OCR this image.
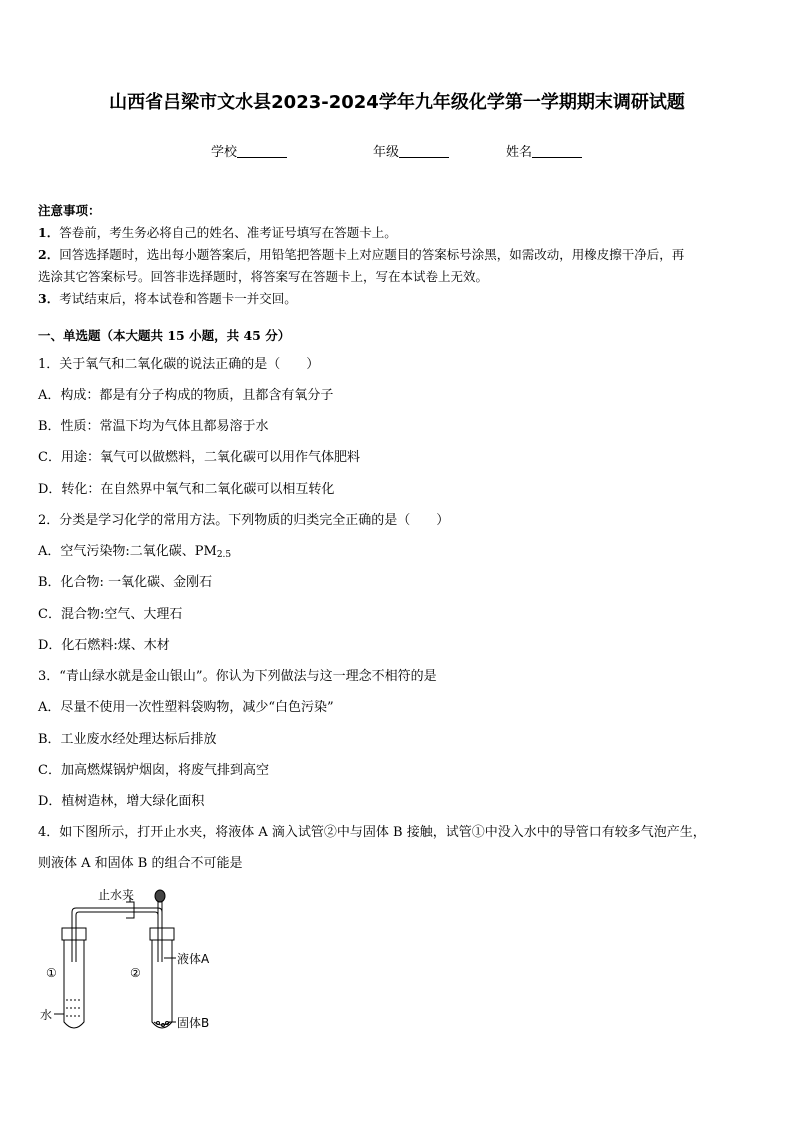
山西省吕梁市文水县2023-2024学年九年级化学第一学期期末调研试题
学校	年级	姓名
注意事项：
1．答卷前，考生务必将自己的姓名、准考证号填写在答题卡上。
2．回答选择题时，选出每小题答案后，用铅笔把答题卡上对应题目的答案标号涂黑，如需改动，用橡皮擦干净后，再
选涂其它答案标号。回答非选择题时，将答案写在答题卡上，写在本试卷上无效。
3．考试结束后，将本试卷和答题卡一并交回。
一、单选题（本大题共 15 小题，共 45 分）
1．关于氧气和二氧化碳的说法正确的是（　　）
A．构成：都是有分子构成的物质，且都含有氧分子
B．性质：常温下均为气体且都易溶于水
C．用途：氧气可以做燃料，二氧化碳可以用作气体肥料
D．转化：在自然界中氧气和二氧化碳可以相互转化
2．分类是学习化学的常用方法。下列物质的归类完全正确的是（　　）
A．空气污染物:二氧化碳、$PM_{2.5}$
B．化合物: 一氧化碳、金刚石
C．混合物:空气、大理石
D．化石燃料:煤、木材
3．“青山绿水就是金山银山”。你认为下列做法与这一理念不相符的是
A．尽量不使用一次性塑料袋购物，减少“白色污染”
B．工业废水经处理达标后排放
C．加高燃煤锅炉烟囱，将废气排到高空
D．植树造林，增大绿化面积
4．如下图所示，打开止水夹，将液体 A 滴入试管②中与固体 B 接触，试管①中没入水中的导管口有较多气泡产生，
则液体 A 和固体 B 的组合不可能是
止水夹
①	②
水
液体A
固体B
